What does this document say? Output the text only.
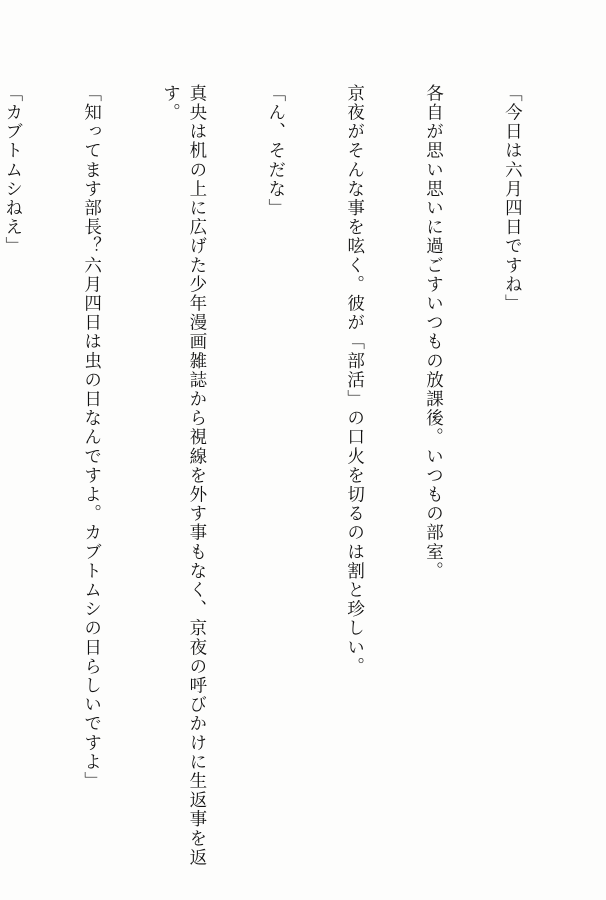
「今日は六月四日ですね」

各自が思い思いに過ごすいつもの放課後。いつもの部室。

京夜がそんな事を呟く。彼が「部活」の口火を切るのは割と珍しい。

「ん、そだな」

真央は机の上に広げた少年漫画雑誌から視線を外す事もなく、京夜の呼びかけに生返事を返す。

「知ってます部長？六月四日は虫の日なんですよ。カブトムシの日らしいですよ」

「カブトムシねえ」
